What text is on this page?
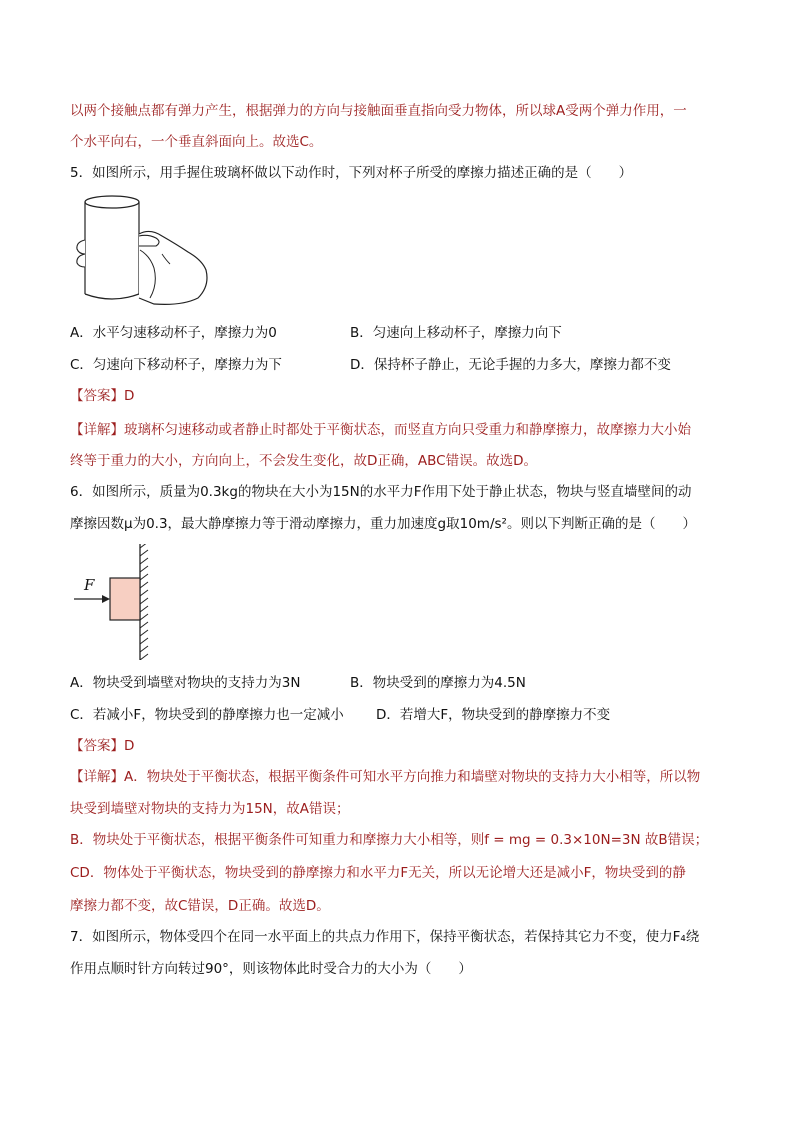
以两个接触点都有弹力产生，根据弹力的方向与接触面垂直指向受力物体，所以球A受两个弹力作用，一
个水平向右，一个垂直斜面向上。故选C。
5．如图所示，用手握住玻璃杯做以下动作时，下列对杯子所受的摩擦力描述正确的是（　　）
A．水平匀速移动杯子，摩擦力为0	B．匀速向上移动杯子，摩擦力向下
C．匀速向下移动杯子，摩擦力为下	D．保持杯子静止，无论手握的力多大，摩擦力都不变
【答案】D
【详解】玻璃杯匀速移动或者静止时都处于平衡状态，而竖直方向只受重力和静摩擦力，故摩擦力大小始
终等于重力的大小，方向向上，不会发生变化，故D正确，ABC错误。故选D。
6．如图所示，质量为0.3kg的物块在大小为15N的水平力F作用下处于静止状态，物块与竖直墙壁间的动
摩擦因数μ为0.3，最大静摩擦力等于滑动摩擦力，重力加速度g取10m/s²。则以下判断正确的是（　　）
F
A．物块受到墙壁对物块的支持力为3N	B．物块受到的摩擦力为4.5N
C．若减小F，物块受到的静摩擦力也一定减小 D．若增大F，物块受到的静摩擦力不变
【答案】D
【详解】A．物块处于平衡状态，根据平衡条件可知水平方向推力和墙壁对物块的支持力大小相等，所以物
块受到墙壁对物块的支持力为15N，故A错误；
B．物块处于平衡状态，根据平衡条件可知重力和摩擦力大小相等，则f = mg = 0.3×10N=3N 故B错误；
CD．物体处于平衡状态，物块受到的静摩擦力和水平力F无关，所以无论增大还是减小F，物块受到的静
摩擦力都不变，故C错误，D正确。故选D。
7．如图所示，物体受四个在同一水平面上的共点力作用下，保持平衡状态，若保持其它力不变，使力F₄绕
作用点顺时针方向转过90°，则该物体此时受合力的大小为（　　）
